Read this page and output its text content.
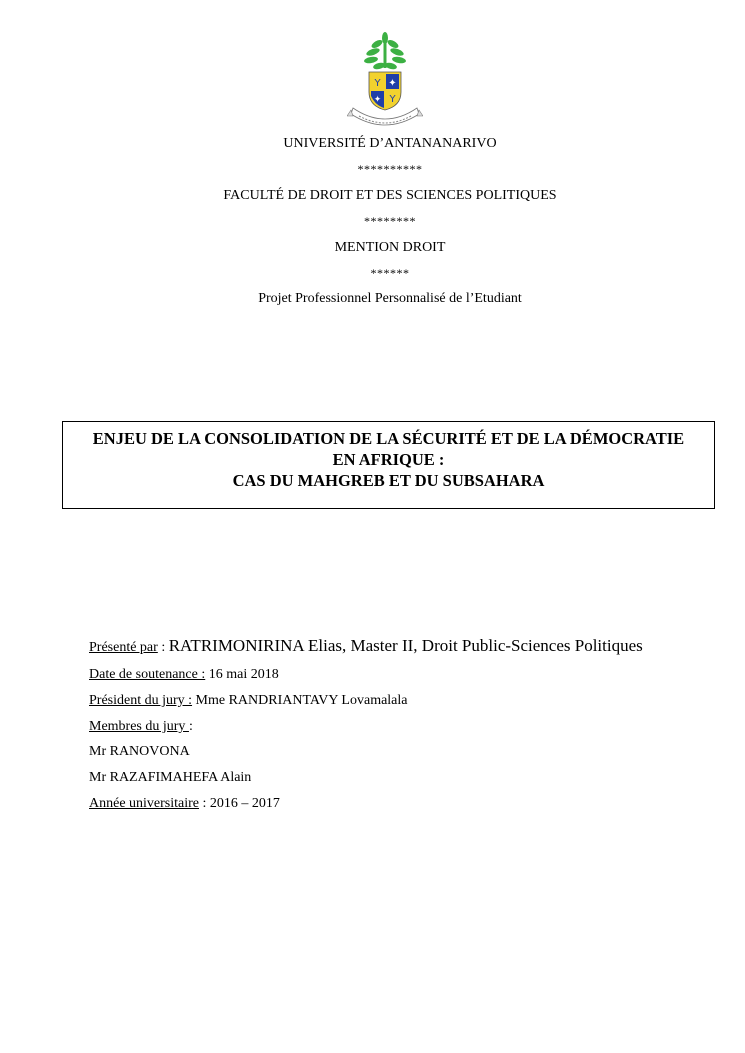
Y ✦
✦ Y
UNIVERSITÉ D’ANTANANARIVO
**********
FACULTÉ DE DROIT ET DES SCIENCES POLITIQUES
********
MENTION DROIT
******
Projet Professionnel Personnalisé de l’Etudiant
ENJEU DE LA CONSOLIDATION DE LA SÉCURITÉ ET DE LA DÉMOCRATIE
EN AFRIQUE :
CAS DU MAHGREB ET DU SUBSAHARA
Présenté par : RATRIMONIRINA Elias, Master II, Droit Public-Sciences Politiques
Date de soutenance : 16 mai 2018
Président du jury : Mme RANDRIANTAVY Lovamalala
Membres du jury :
Mr RANOVONA
Mr RAZAFIMAHEFA Alain
Année universitaire : 2016 – 2017
